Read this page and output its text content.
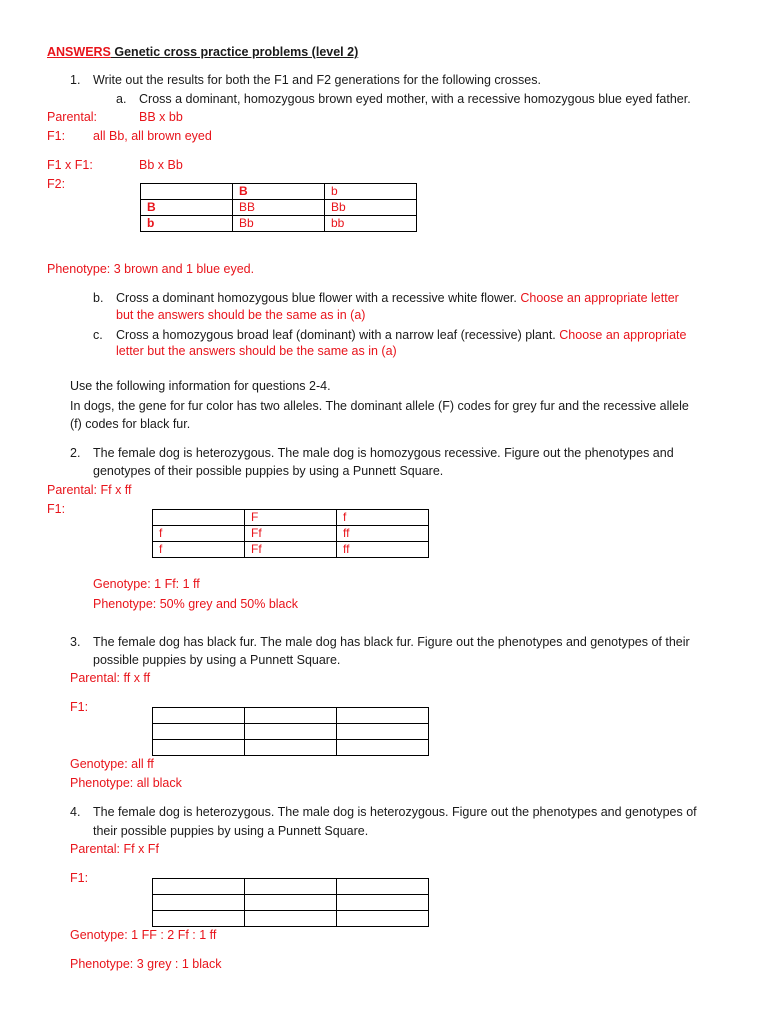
ANSWERS Genetic cross practice problems (level 2)
1. Write out the results for both the F1 and F2 generations for the following crosses.
a. Cross a dominant, homozygous brown eyed mother, with a recessive homozygous blue eyed father.
Parental:	BB x bb
F1: all Bb, all brown eyed
F1 x F1:	Bb x Bb
F2:
		B	b
B	BB	Bb
b	Bb	bb
Phenotype: 3 brown and 1 blue eyed.
b. Cross a dominant homozygous blue flower with a recessive white flower. Choose an appropriate letter
but the answers should be the same as in (a)
c. Cross a homozygous broad leaf (dominant) with a narrow leaf (recessive) plant. Choose an appropriate
letter but the answers should be the same as in (a)
Use the following information for questions 2-4.
In dogs, the gene for fur color has two alleles. The dominant allele (F) codes for grey fur and the recessive allele
(f) codes for black fur.
2. The female dog is heterozygous. The male dog is homozygous recessive. Figure out the phenotypes and
genotypes of their possible puppies by using a Punnett Square.
Parental: Ff x ff
F1:
	F	f
f	Ff	ff
f	Ff	ff
Genotype: 1 Ff: 1 ff
Phenotype: 50% grey and 50% black
3. The female dog has black fur. The male dog has black fur. Figure out the phenotypes and genotypes of their
possible puppies by using a Punnett Square.
Parental: ff x ff
F1:

Genotype: all ff
Phenotype: all black
4. The female dog is heterozygous. The male dog is heterozygous. Figure out the phenotypes and genotypes of
their possible puppies by using a Punnett Square.
Parental: Ff x Ff
F1:

Genotype: 1 FF : 2 Ff : 1 ff
Phenotype: 3 grey : 1 black
